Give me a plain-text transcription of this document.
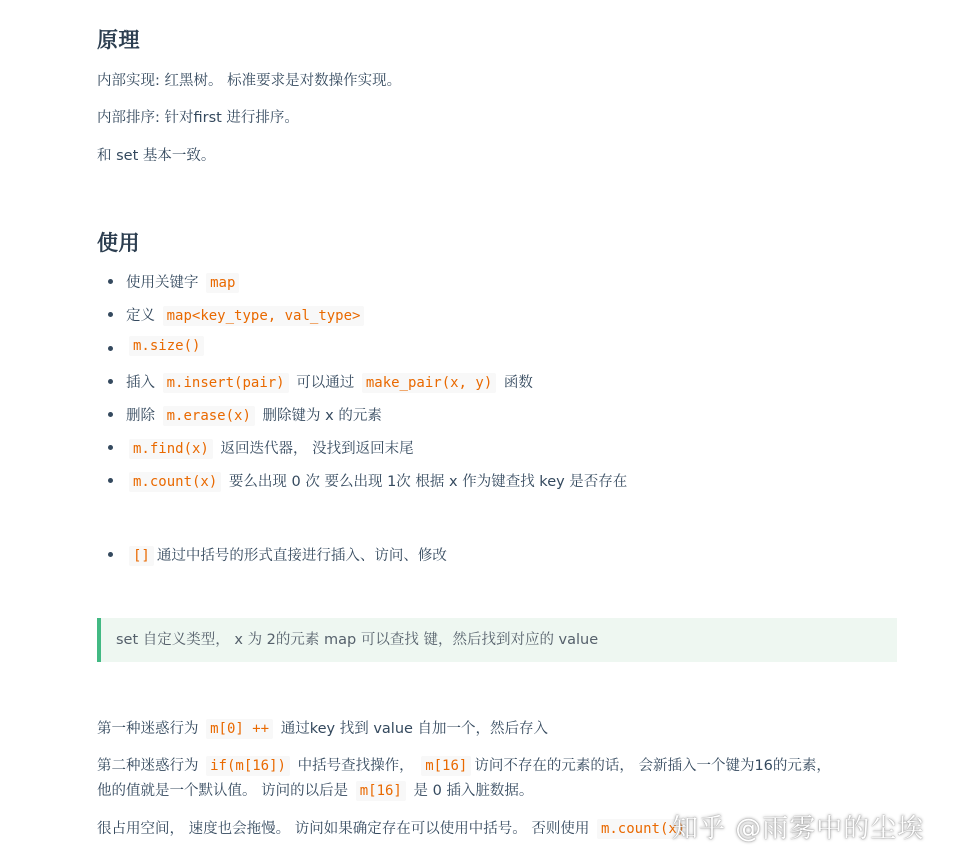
原理

内部实现: 红黑树。 标准要求是对数操作实现。

内部排序: 针对first 进行排序。

和 set 基本一致。

使用
使用关键字 map
定义 map<key_type, val_type>
m.size()
插入 m.insert(pair) 可以通过 make_pair(x, y) 函数
删除 m.erase(x) 删除键为 x 的元素
m.find(x) 返回迭代器， 没找到返回末尾
m.count(x) 要么出现 0 次 要么出现 1次 根据 x 作为键查找 key 是否存在
[] 通过中括号的形式直接进行插入、访问、修改
set 自定义类型， x 为 2的元素 map 可以查找 键，然后找到对应的 value

第一种迷惑行为 m[0] ++ 通过key 找到 value 自加一个，然后存入

第二种迷惑行为 if(m[16]) 中括号查找操作， m[16] 访问不存在的元素的话， 会新插入一个键为16的元素，

他的值就是一个默认值。 访问的以后是 m[16] 是 0 插入脏数据。

很占用空间， 速度也会拖慢。 访问如果确定存在可以使用中括号。 否则使用 m.count(x)

知乎 @雨雾中的尘埃
